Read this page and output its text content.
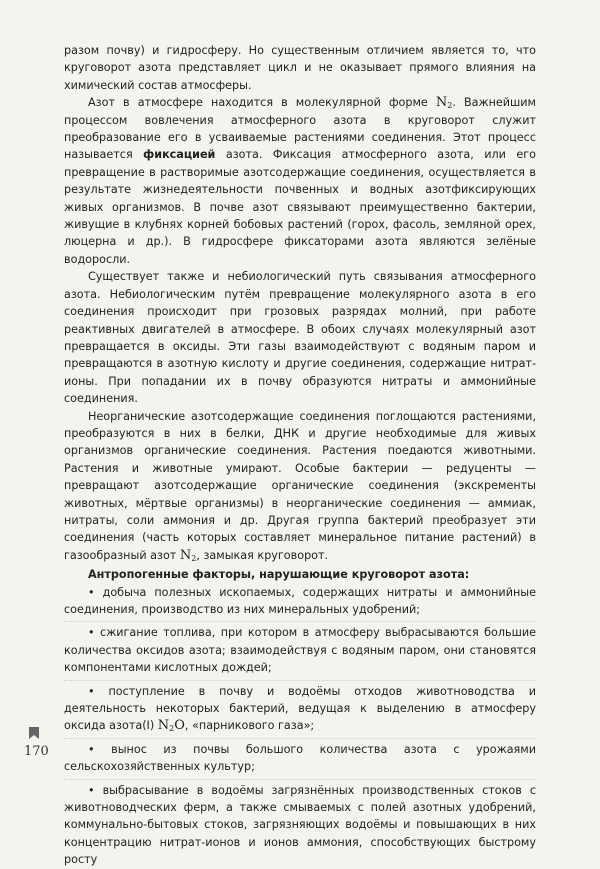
разом почву) и гидросферу. Но существенным отличием является то, что круговорот азота представляет цикл и не оказывает прямого влияния на химический состав атмосферы.

Азот в атмосфере находится в молекулярной форме $N_2$. Важнейшим процессом вовлечения атмосферного азота в круговорот служит преобразование его в усваиваемые растениями соединения. Этот процесс называется фиксацией азота. Фиксация атмосферного азота, или его превращение в растворимые азотсодержащие соединения, осуществляется в результате жизнедеятельности почвенных и водных азотфиксирующих живых организмов. В почве азот связывают преимущественно бактерии, живущие в клубнях корней бобовых растений (горох, фасоль, земляной орех, люцерна и др.). В гидросфере фиксаторами азота являются зелёные водоросли.

Существует также и небиологический путь связывания атмосферного азота. Небиологическим путём превращение молекулярного азота в его соединения происходит при грозовых разрядах молний, при работе реактивных двигателей в атмосфере. В обоих случаях молекулярный азот превращается в оксиды. Эти газы взаимодействуют с водяным паром и превращаются в азотную кислоту и другие соединения, содержащие нитрат-ионы. При попадании их в почву образуются нитраты и аммонийные соединения.

Неорганические азотсодержащие соединения поглощаются растениями, преобразуются в них в белки, ДНК и другие необходимые для живых организмов органические соединения. Растения поедаются животными. Растения и животные умирают. Особые бактерии — редуценты — превращают азотсодержащие органические соединения (экскременты животных, мёртвые организмы) в неорганические соединения — аммиак, нитраты, соли аммония и др. Другая группа бактерий преобразует эти соединения (часть которых составляет минеральное питание растений) в газообразный азот $N_2$, замыкая круговорот.

Антропогенные факторы, нарушающие круговорот азота:

• добыча полезных ископаемых, содержащих нитраты и аммонийные соединения, производство из них минеральных удобрений;

• сжигание топлива, при котором в атмосферу выбрасываются большие количества оксидов азота; взаимодействуя с водяным паром, они становятся компонентами кислотных дождей;

• поступление в почву и водоёмы отходов животноводства и деятельность некоторых бактерий, ведущая к выделению в атмосферу оксида азота(I) $N_2O$, «парникового газа»;

• вынос из почвы большого количества азота с урожаями сельскохозяйственных культур;

• выбрасывание в водоёмы загрязнённых производственных стоков с животноводческих ферм, а также смываемых с полей азотных удобрений, коммунально-бытовых стоков, загрязняющих водоёмы и повышающих в них концентрацию нитрат-ионов и ионов аммония, способствующих быстрому росту

170
